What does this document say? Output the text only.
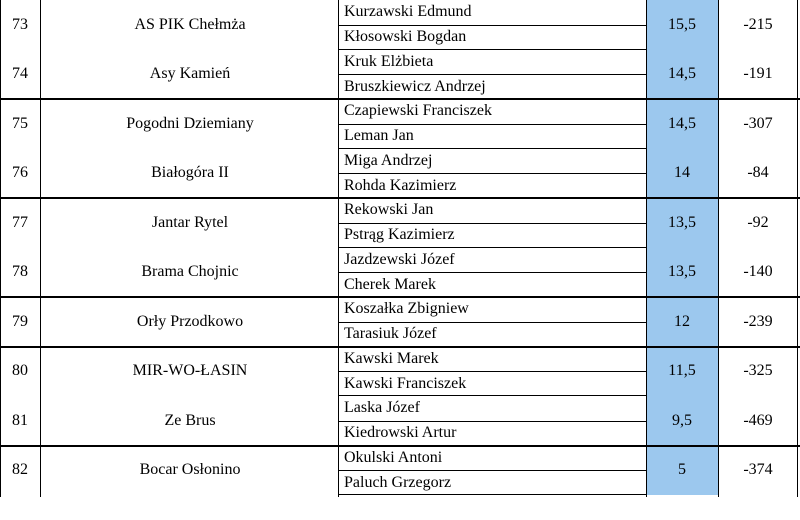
73	AS PIK Chełmża
Kurzawski Edmund
Kłosowski Bogdan
15,5	-215
74	Asy Kamień
Kruk Elżbieta
Bruszkiewicz Andrzej
14,5	-191
75	Pogodni Dziemiany
Czapiewski Franciszek
Leman Jan
14,5	-307
76	Białogóra II
Miga Andrzej
Rohda Kazimierz
14	-84
77	Jantar Rytel
Rekowski Jan
Pstrąg Kazimierz
13,5	-92
78	Brama Chojnic
Jazdzewski Józef
Cherek Marek
13,5	-140
79	Orły Przodkowo
Koszałka Zbigniew
Tarasiuk Józef
12	-239
80	MIR-WO-ŁASIN
Kawski Marek
Kawski Franciszek
11,5	-325
81	Ze Brus
Laska Józef
Kiedrowski Artur
9,5	-469
82	Bocar Osłonino
Okulski Antoni
Paluch Grzegorz
5	-374
